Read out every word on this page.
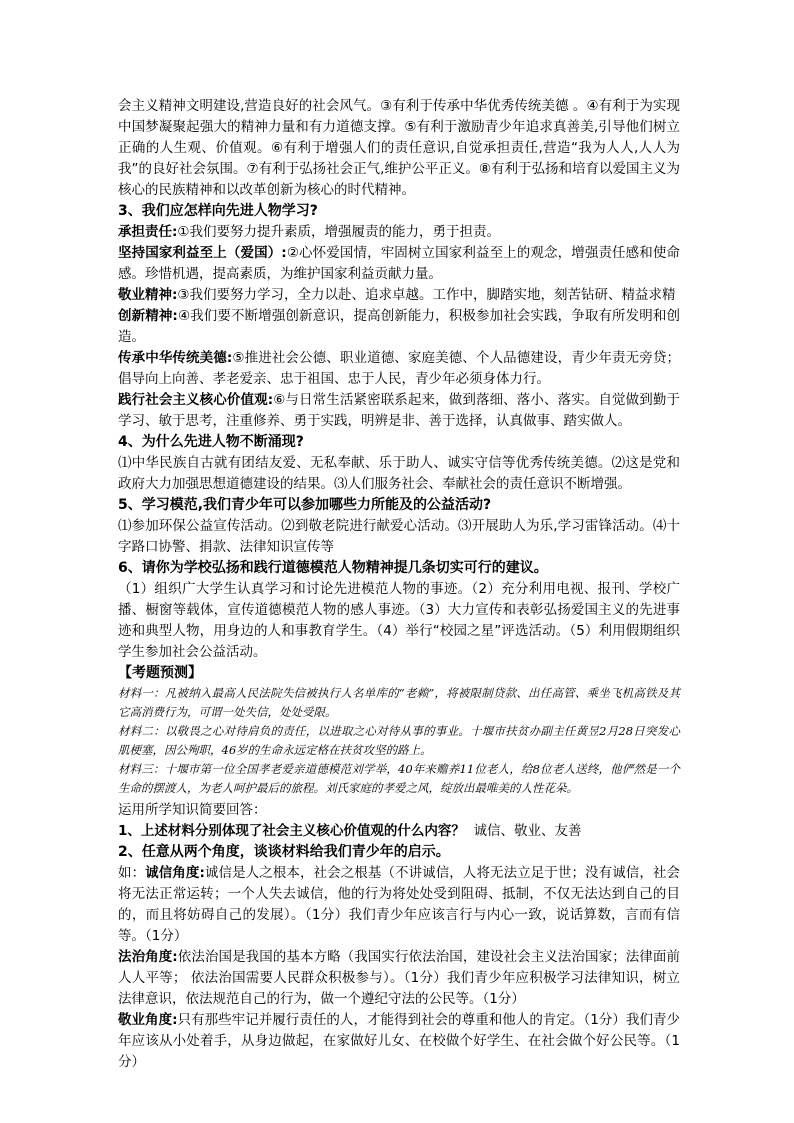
会主义精神文明建设,营造良好的社会风气。③有利于传承中华优秀传统美德 。④有利于为实现中国梦凝聚起强大的精神力量和有力道德支撑。⑤有利于激励青少年追求真善美,引导他们树立正确的人生观、价值观。⑥有利于增强人们的责任意识,自觉承担责任,营造“我为人人,人人为我”的良好社会氛围。⑦有利于弘扬社会正气,维护公平正义。⑧有利于弘扬和培育以爱国主义为核心的民族精神和以改革创新为核心的时代精神。

3、我们应怎样向先进人物学习?

承担责任:①我们要努力提升素质，增强履责的能力，勇于担责。

坚持国家利益至上（爱国）:②心怀爱国情，牢固树立国家利益至上的观念，增强责任感和使命感。珍惜机遇，提高素质，为维护国家利益贡献力量。

敬业精神:③我们要努力学习，全力以赴、追求卓越。工作中，脚踏实地，刻苦钻研、精益求精

创新精神:④我们要不断增强创新意识，提高创新能力，积极参加社会实践，争取有所发明和创造。

传承中华传统美德:⑤推进社会公德、职业道德、家庭美德、个人品德建设，青少年责无旁贷；倡导向上向善、孝老爱亲、忠于祖国、忠于人民，青少年必须身体力行。

践行社会主义核心价值观:⑥与日常生活紧密联系起来，做到落细、落小、落实。自觉做到勤于学习、敏于思考，注重修养、勇于实践，明辨是非、善于选择，认真做事、踏实做人。

4、为什么先进人物不断涌现?

⑴中华民族自古就有团结友爱、无私奉献、乐于助人、诚实守信等优秀传统美德。⑵这是党和政府大力加强思想道德建设的结果。⑶人们服务社会、奉献社会的责任意识不断增强。

5、学习模范,我们青少年可以参加哪些力所能及的公益活动?

⑴参加环保公益宣传活动。⑵到敬老院进行献爱心活动。⑶开展助人为乐,学习雷锋活动。⑷十字路口协警、捐款、法律知识宣传等

6、请你为学校弘扬和践行道德模范人物精神提几条切实可行的建议。

（1）组织广大学生认真学习和讨论先进模范人物的事迹。（2）充分利用电视、报刊、学校广播、橱窗等载体，宣传道德模范人物的感人事迹。（3）大力宣传和表彰弘扬爱国主义的先进事迹和典型人物，用身边的人和事教育学生。（4）举行“校园之星”评选活动。（5）利用假期组织学生参加社会公益活动。

【考题预测】

材料一：凡被纳入最高人民法院失信被执行人名单库的“老赖”，将被限制贷款、出任高管、乘坐飞机高铁及其它高消费行为，可谓一处失信，处处受限。

材料二：以敬畏之心对待肩负的责任，以进取之心对待从事的事业。十堰市扶贫办副主任黄昱2月28日突发心肌梗塞，因公殉职，46岁的生命永远定格在扶贫攻坚的路上。

材料三：十堰市第一位全国孝老爱亲道德模范刘学举，40年来赡养11位老人，给8位老人送终，他俨然是一个生命的摆渡人，为老人呵护最后的旅程。刘氏家庭的孝爱之风，绽放出最唯美的人性花朵。

运用所学知识简要回答：

1、上述材料分别体现了社会主义核心价值观的什么内容？ 诚信、敬业、友善

2、任意从两个角度，谈谈材料给我们青少年的启示。

如：诚信角度:诚信是人之根本，社会之根基（不讲诚信，人将无法立足于世；没有诚信，社会将无法正常运转；一个人失去诚信，他的行为将处处受到阻碍、抵制，不仅无法达到自己的目的，而且将妨碍自己的发展）。（1分）我们青少年应该言行与内心一致，说话算数，言而有信等。（1分）

法治角度:依法治国是我国的基本方略（我国实行依法治国，建设社会主义法治国家；法律面前人人平等； 依法治国需要人民群众积极参与）。（1分）我们青少年应积极学习法律知识，树立法律意识，依法规范自己的行为，做一个遵纪守法的公民等。（1分）

敬业角度:只有那些牢记并履行责任的人，才能得到社会的尊重和他人的肯定。（1分）我们青少年应该从小处着手，从身边做起，在家做好儿女、在校做个好学生、在社会做个好公民等。（1分）
